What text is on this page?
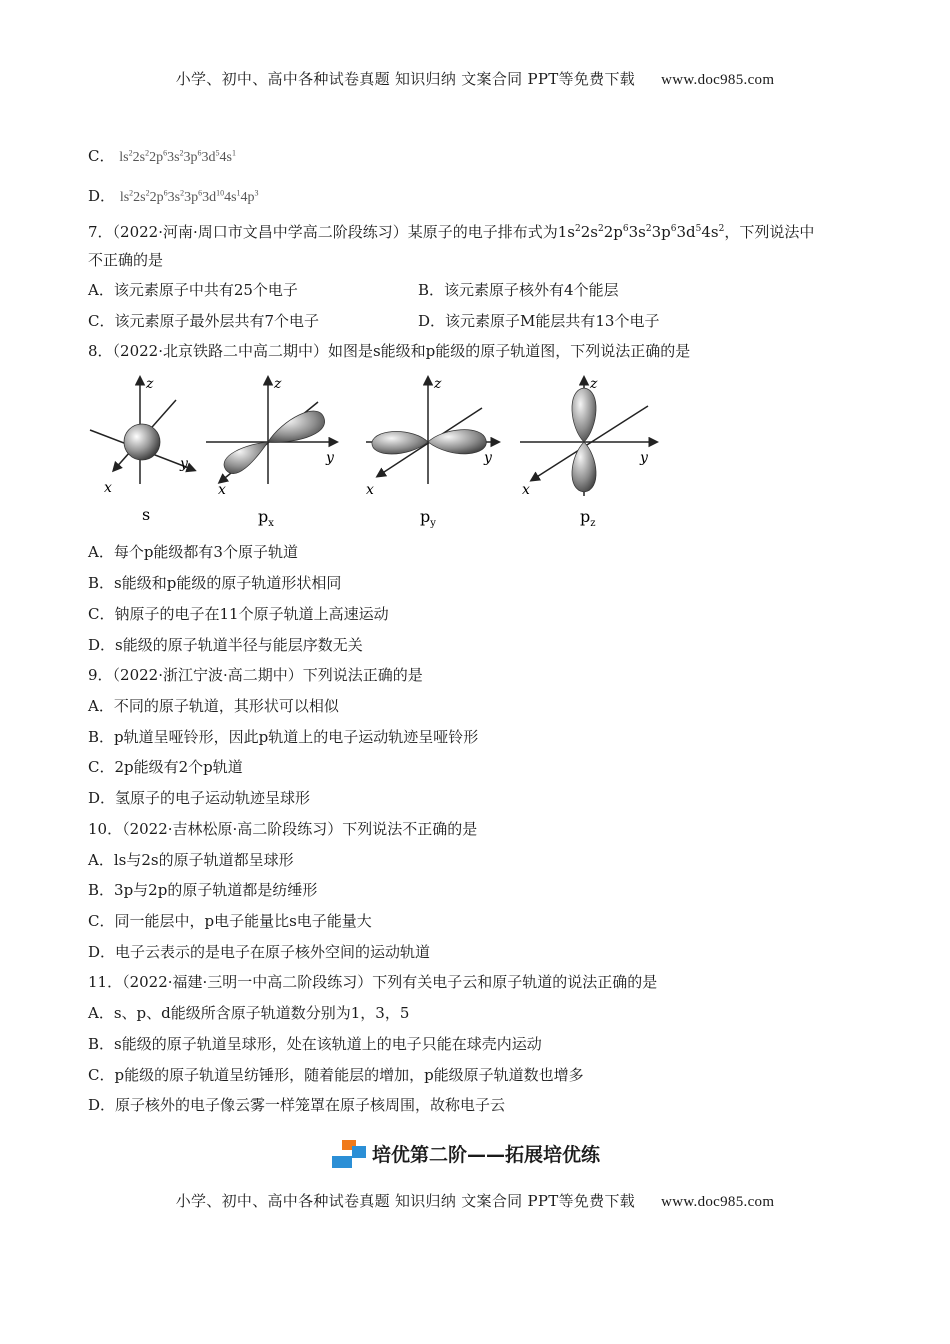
小学、初中、高中各种试卷真题 知识归纳 文案合同 PPT等免费下载 www.doc985.com
C． $ls^22s^22p^63s^23p^63d^54s^1$
D． $ls^22s^22p^63s^23p^63d^{10}4s^14p^3$
7．（2022·河南·周口市文昌中学高二阶段练习）某原子的电子排布式为$1s^22s^22p^63s^23p^63d^54s^2$，下列说法中
不正确的是
A．该元素原子中共有25个电子	B．该元素原子核外有4个能层
C．该元素原子最外层共有7个电子	D．该元素原子M能层共有13个电子
8．（2022·北京铁路二中高二期中）如图是s能级和p能级的原子轨道图，下列说法正确的是
z
y
x
s
z
y
x
$p_x$
z
y
x
$p_y$
z
y
x
$p_z$
A．每个p能级都有3个原子轨道
B．s能级和p能级的原子轨道形状相同
C．钠原子的电子在11个原子轨道上高速运动
D．s能级的原子轨道半径与能层序数无关
9．（2022·浙江宁波·高二期中）下列说法正确的是
A．不同的原子轨道，其形状可以相似
B．p轨道呈哑铃形，因此p轨道上的电子运动轨迹呈哑铃形
C．2p能级有2个p轨道
D．氢原子的电子运动轨迹呈球形
10．（2022·吉林松原·高二阶段练习）下列说法不正确的是
A．ls与2s的原子轨道都呈球形
B．3p与2p的原子轨道都是纺缍形
C．同一能层中，p电子能量比s电子能量大
D．电子云表示的是电子在原子核外空间的运动轨道
11．（2022·福建·三明一中高二阶段练习）下列有关电子云和原子轨道的说法正确的是
A．s、p、d能级所含原子轨道数分别为1，3，5
B．s能级的原子轨道呈球形，处在该轨道上的电子只能在球壳内运动
C．p能级的原子轨道呈纺锤形，随着能层的增加，p能级原子轨道数也增多
D．原子核外的电子像云雾一样笼罩在原子核周围，故称电子云
培优第二阶——拓展培优练
小学、初中、高中各种试卷真题 知识归纳 文案合同 PPT等免费下载 www.doc985.com
